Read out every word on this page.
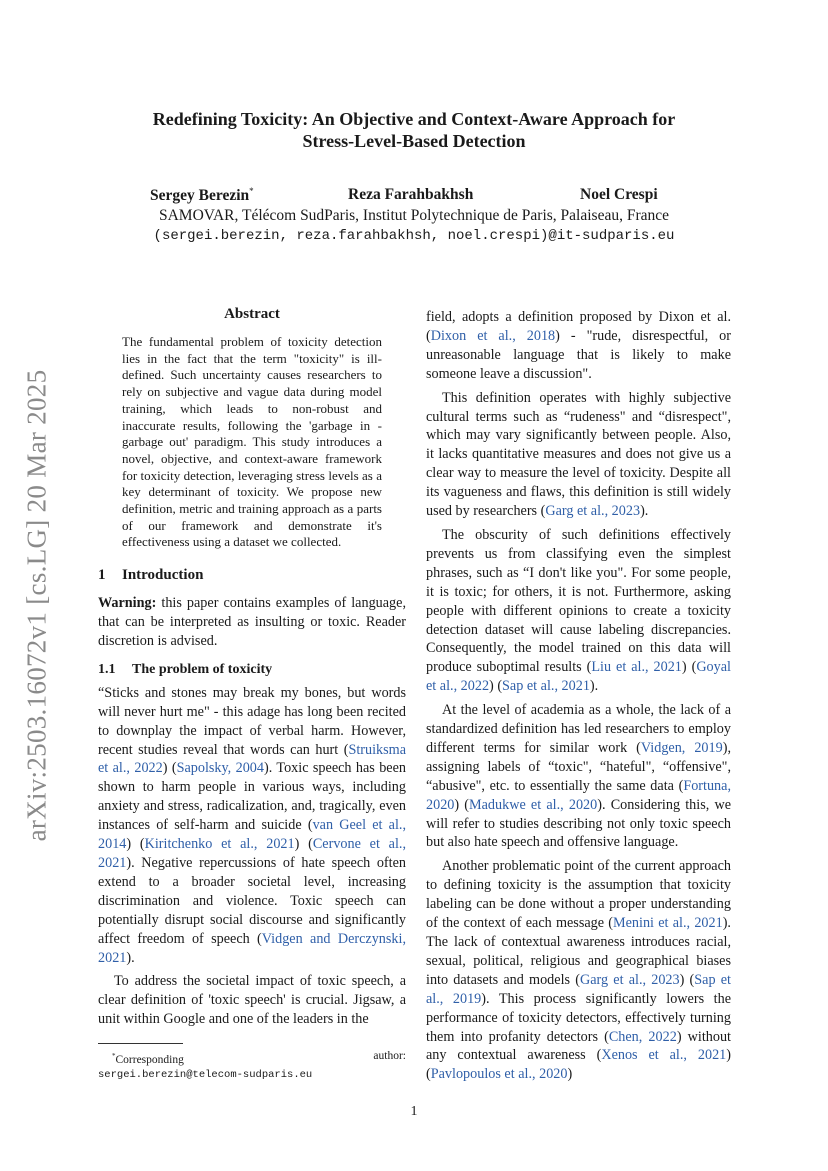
arXiv:2503.16072v1 [cs.LG] 20 Mar 2025
Redefining Toxicity: An Objective and Context-Aware Approach for
Stress-Level-Based Detection
Sergey Berezin*	Reza Farahbakhsh	Noel Crespi
SAMOVAR, Télécom SudParis, Institut Polytechnique de Paris, Palaiseau, France
(sergei.berezin, reza.farahbakhsh, noel.crespi)@it-sudparis.eu
Abstract

The fundamental problem of toxicity detection lies in the fact that the term "toxicity" is ill-defined. Such uncertainty causes researchers to rely on subjective and vague data during model training, which leads to non-robust and inaccurate results, following the 'garbage in - garbage out' paradigm. This study introduces a novel, objective, and context-aware framework for toxicity detection, leveraging stress levels as a key determinant of toxicity. We propose new definition, metric and training approach as a parts of our framework and demonstrate it's effectiveness using a dataset we collected.

1 Introduction

Warning: this paper contains examples of language, that can be interpreted as insulting or toxic. Reader discretion is advised.

1.1 The problem of toxicity

“Sticks and stones may break my bones, but words will never hurt me" - this adage has long been recited to downplay the impact of verbal harm. However, recent studies reveal that words can hurt (Struiksma et al., 2022) (Sapolsky, 2004). Toxic speech has been shown to harm people in various ways, including anxiety and stress, radicalization, and, tragically, even instances of self-harm and suicide (van Geel et al., 2014) (Kiritchenko et al., 2021) (Cervone et al., 2021). Negative repercussions of hate speech often extend to a broader societal level, increasing discrimination and violence. Toxic speech can potentially disrupt social discourse and significantly affect freedom of speech (Vidgen and Derczynski, 2021).

To address the societal impact of toxic speech, a clear definition of 'toxic speech' is crucial. Jigsaw, a unit within Google and one of the leaders in the

field, adopts a definition proposed by Dixon et al. (Dixon et al., 2018) - "rude, disrespectful, or unreasonable language that is likely to make someone leave a discussion".

This definition operates with highly subjective cultural terms such as “rudeness" and “disrespect", which may vary significantly between people. Also, it lacks quantitative measures and does not give us a clear way to measure the level of toxicity. Despite all its vagueness and flaws, this definition is still widely used by researchers (Garg et al., 2023).

The obscurity of such definitions effectively prevents us from classifying even the simplest phrases, such as “I don't like you". For some people, it is toxic; for others, it is not. Furthermore, asking people with different opinions to create a toxicity detection dataset will cause labeling discrepancies. Consequently, the model trained on this data will produce suboptimal results (Liu et al., 2021) (Goyal et al., 2022) (Sap et al., 2021).

At the level of academia as a whole, the lack of a standardized definition has led researchers to employ different terms for similar work (Vidgen, 2019), assigning labels of “toxic", “hateful", “offensive", “abusive", etc. to essentially the same data (Fortuna, 2020) (Madukwe et al., 2020). Considering this, we will refer to studies describing not only toxic speech but also hate speech and offensive language.

Another problematic point of the current approach to defining toxicity is the assumption that toxicity labeling can be done without a proper understanding of the context of each message (Menini et al., 2021). The lack of contextual awareness introduces racial, sexual, political, religious and geographical biases into datasets and models (Garg et al., 2023) (Sap et al., 2019). This process significantly lowers the performance of toxicity detectors, effectively turning them into profanity detectors (Chen, 2022) without any contextual awareness (Xenos et al., 2021) (Pavlopoulos et al., 2020)

*Corresponding	author:
sergei.berezin@telecom-sudparis.eu
1
